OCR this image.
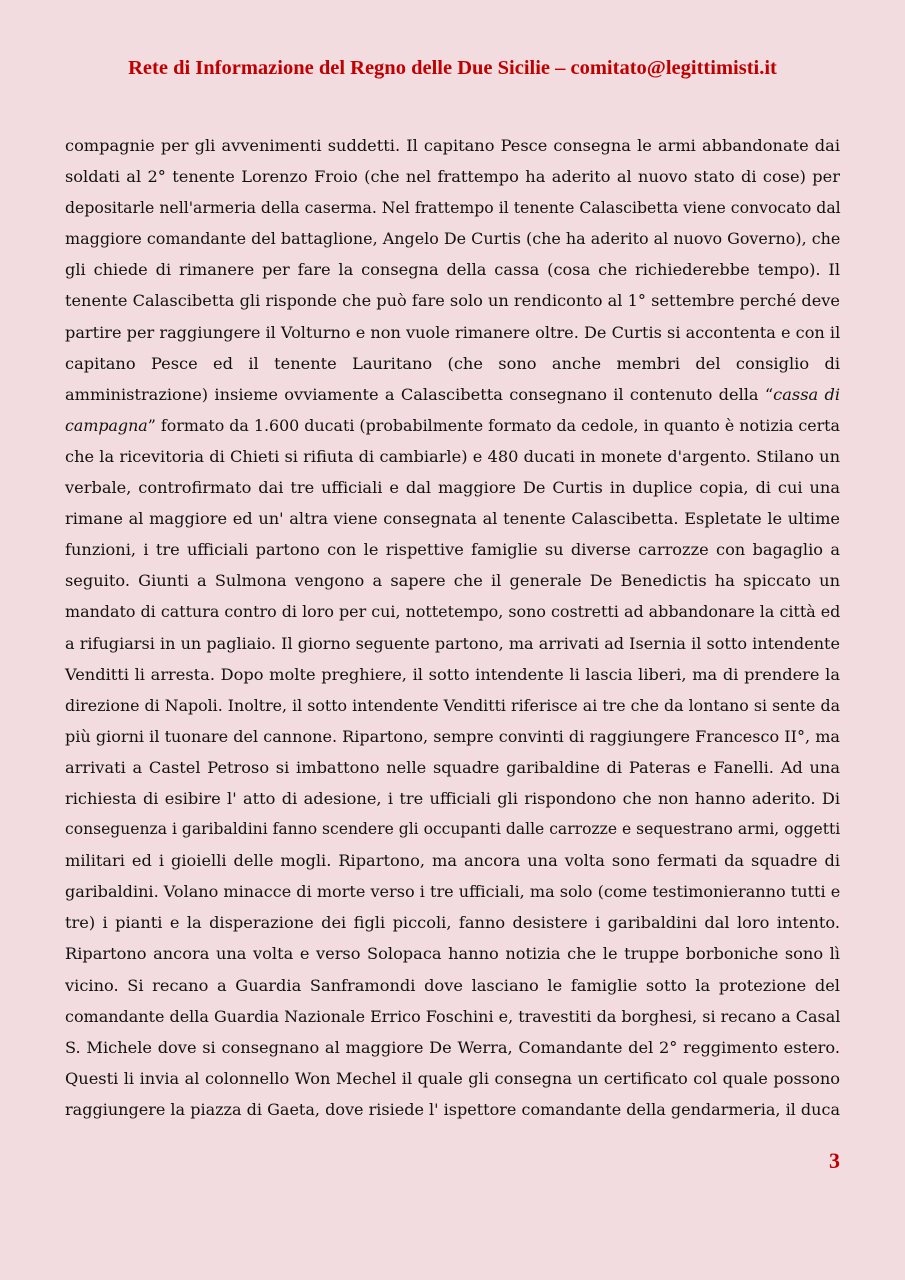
Rete di Informazione del Regno delle Due Sicilie – comitato@legittimisti.it
compagnie per gli avvenimenti suddetti. Il capitano Pesce consegna le armi abbandonate dai
soldati al 2° tenente Lorenzo Froio (che nel frattempo ha aderito al nuovo stato di cose) per
depositarle nell'armeria della caserma. Nel frattempo il tenente Calascibetta viene convocato dal
maggiore comandante del battaglione, Angelo De Curtis (che ha aderito al nuovo Governo), che
gli chiede di rimanere per fare la consegna della cassa (cosa che richiederebbe tempo). Il
tenente Calascibetta gli risponde che può fare solo un rendiconto al 1° settembre perché deve
partire per raggiungere il Volturno e non vuole rimanere oltre. De Curtis si accontenta e con il
capitano Pesce ed il tenente Lauritano (che sono anche membri del consiglio di
amministrazione) insieme ovviamente a Calascibetta consegnano il contenuto della “cassa di
campagna” formato da 1.600 ducati (probabilmente formato da cedole, in quanto è notizia certa
che la ricevitoria di Chieti si rifiuta di cambiarle) e 480 ducati in monete d'argento. Stilano un
verbale, controfirmato dai tre ufficiali e dal maggiore De Curtis in duplice copia, di cui una
rimane al maggiore ed un' altra viene consegnata al tenente Calascibetta. Espletate le ultime
funzioni, i tre ufficiali partono con le rispettive famiglie su diverse carrozze con bagaglio a
seguito. Giunti a Sulmona vengono a sapere che il generale De Benedictis ha spiccato un
mandato di cattura contro di loro per cui, nottetempo, sono costretti ad abbandonare la città ed
a rifugiarsi in un pagliaio. Il giorno seguente partono, ma arrivati ad Isernia il sotto intendente
Venditti li arresta. Dopo molte preghiere, il sotto intendente li lascia liberi, ma di prendere la
direzione di Napoli. Inoltre, il sotto intendente Venditti riferisce ai tre che da lontano si sente da
più giorni il tuonare del cannone. Ripartono, sempre convinti di raggiungere Francesco II°, ma
arrivati a Castel Petroso si imbattono nelle squadre garibaldine di Pateras e Fanelli. Ad una
richiesta di esibire l' atto di adesione, i tre ufficiali gli rispondono che non hanno aderito. Di
conseguenza i garibaldini fanno scendere gli occupanti dalle carrozze e sequestrano armi, oggetti
militari ed i gioielli delle mogli. Ripartono, ma ancora una volta sono fermati da squadre di
garibaldini. Volano minacce di morte verso i tre ufficiali, ma solo (come testimonieranno tutti e
tre) i pianti e la disperazione dei figli piccoli, fanno desistere i garibaldini dal loro intento.
Ripartono ancora una volta e verso Solopaca hanno notizia che le truppe borboniche sono lì
vicino. Si recano a Guardia Sanframondi dove lasciano le famiglie sotto la protezione del
comandante della Guardia Nazionale Errico Foschini e, travestiti da borghesi, si recano a Casal
S. Michele dove si consegnano al maggiore De Werra, Comandante del 2° reggimento estero.
Questi li invia al colonnello Won Mechel il quale gli consegna un certificato col quale possono
raggiungere la piazza di Gaeta, dove risiede l' ispettore comandante della gendarmeria, il duca
3
